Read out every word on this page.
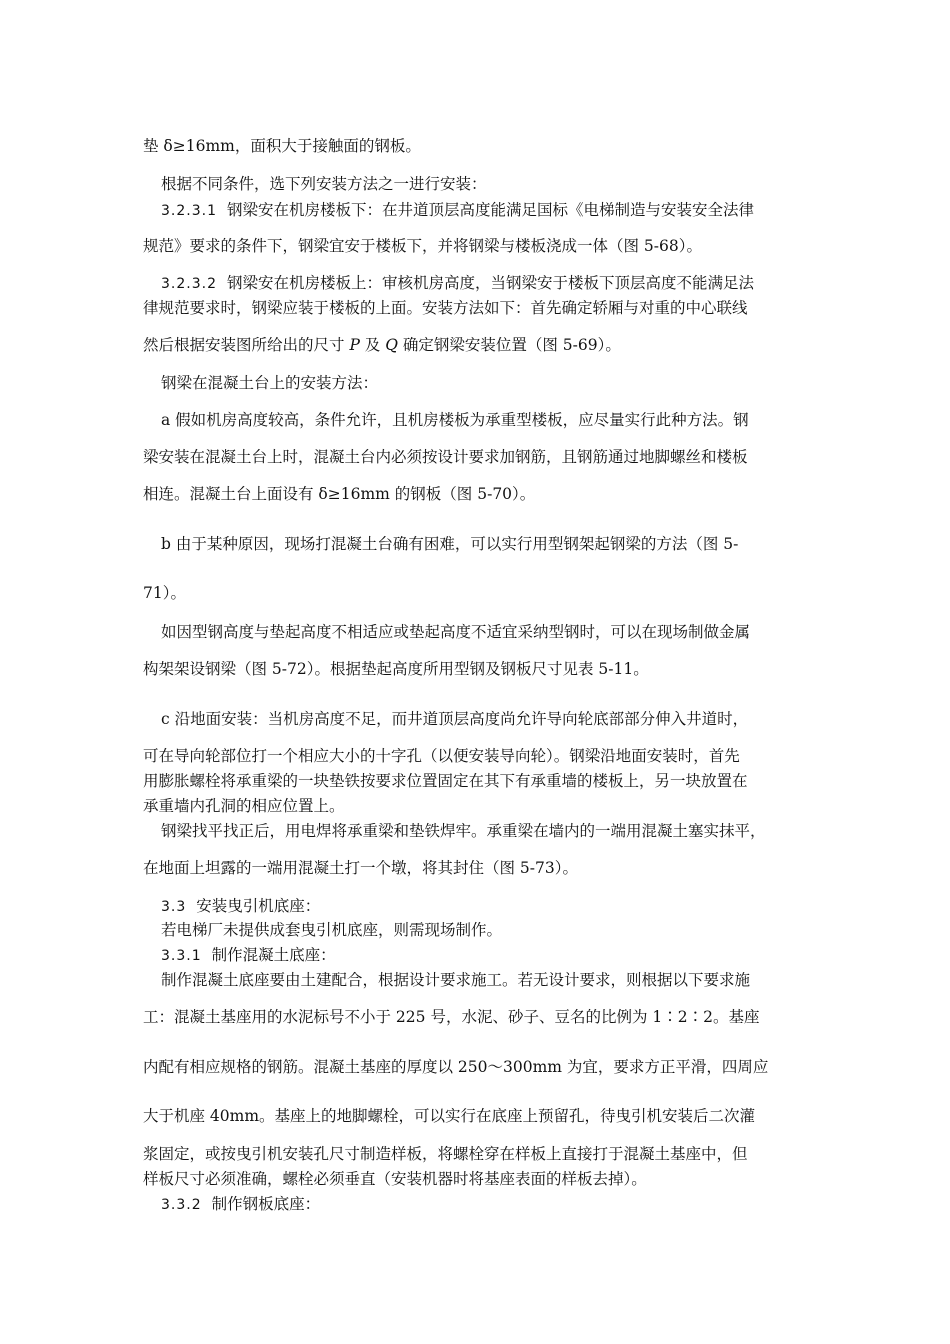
垫 δ≥16mm，面积大于接触面的钢板。
根据不同条件，选下列安装方法之一进行安装：
3.2.3.1 钢梁安在机房楼板下：在井道顶层高度能满足国标《电梯制造与安装安全法律
规范》要求的条件下，钢梁宜安于楼板下，并将钢梁与楼板浇成一体（图 5-68）。
3.2.3.2 钢梁安在机房楼板上：审核机房高度，当钢梁安于楼板下顶层高度不能满足法
律规范要求时，钢梁应装于楼板的上面。安装方法如下：首先确定轿厢与对重的中心联线
然后根据安装图所给出的尺寸 P 及 Q 确定钢梁安装位置（图 5-69）。
钢梁在混凝土台上的安装方法：
a 假如机房高度较高，条件允许，且机房楼板为承重型楼板，应尽量实行此种方法。钢
梁安装在混凝土台上时，混凝土台内必须按设计要求加钢筋，且钢筋通过地脚螺丝和楼板
相连。混凝土台上面设有 δ≥16mm 的钢板（图 5-70）。
b 由于某种原因，现场打混凝土台确有困难，可以实行用型钢架起钢梁的方法（图 5-
71）。
如因型钢高度与垫起高度不相适应或垫起高度不适宜采纳型钢时，可以在现场制做金属
构架架设钢梁（图 5-72）。根据垫起高度所用型钢及钢板尺寸见表 5-11。
c 沿地面安装：当机房高度不足，而井道顶层高度尚允许导向轮底部部分伸入井道时，
可在导向轮部位打一个相应大小的十字孔（以便安装导向轮）。钢梁沿地面安装时，首先
用膨胀螺栓将承重梁的一块垫铁按要求位置固定在其下有承重墙的楼板上，另一块放置在
承重墙内孔洞的相应位置上。
钢梁找平找正后，用电焊将承重梁和垫铁焊牢。承重梁在墙内的一端用混凝土塞实抹平，
在地面上坦露的一端用混凝土打一个墩，将其封住（图 5-73）。
3.3 安装曳引机底座：
若电梯厂未提供成套曳引机底座，则需现场制作。
3.3.1 制作混凝土底座：
制作混凝土底座要由土建配合，根据设计要求施工。若无设计要求，则根据以下要求施
工：混凝土基座用的水泥标号不小于 225 号，水泥、砂子、豆名的比例为 1∶2∶2。基座
内配有相应规格的钢筋。混凝土基座的厚度以 250～300mm 为宜，要求方正平滑，四周应
大于机座 40mm。基座上的地脚螺栓，可以实行在底座上预留孔，待曳引机安装后二次灌
浆固定，或按曳引机安装孔尺寸制造样板，将螺栓穿在样板上直接打于混凝土基座中，但
样板尺寸必须准确，螺栓必须垂直（安装机器时将基座表面的样板去掉）。
3.3.2 制作钢板底座：
